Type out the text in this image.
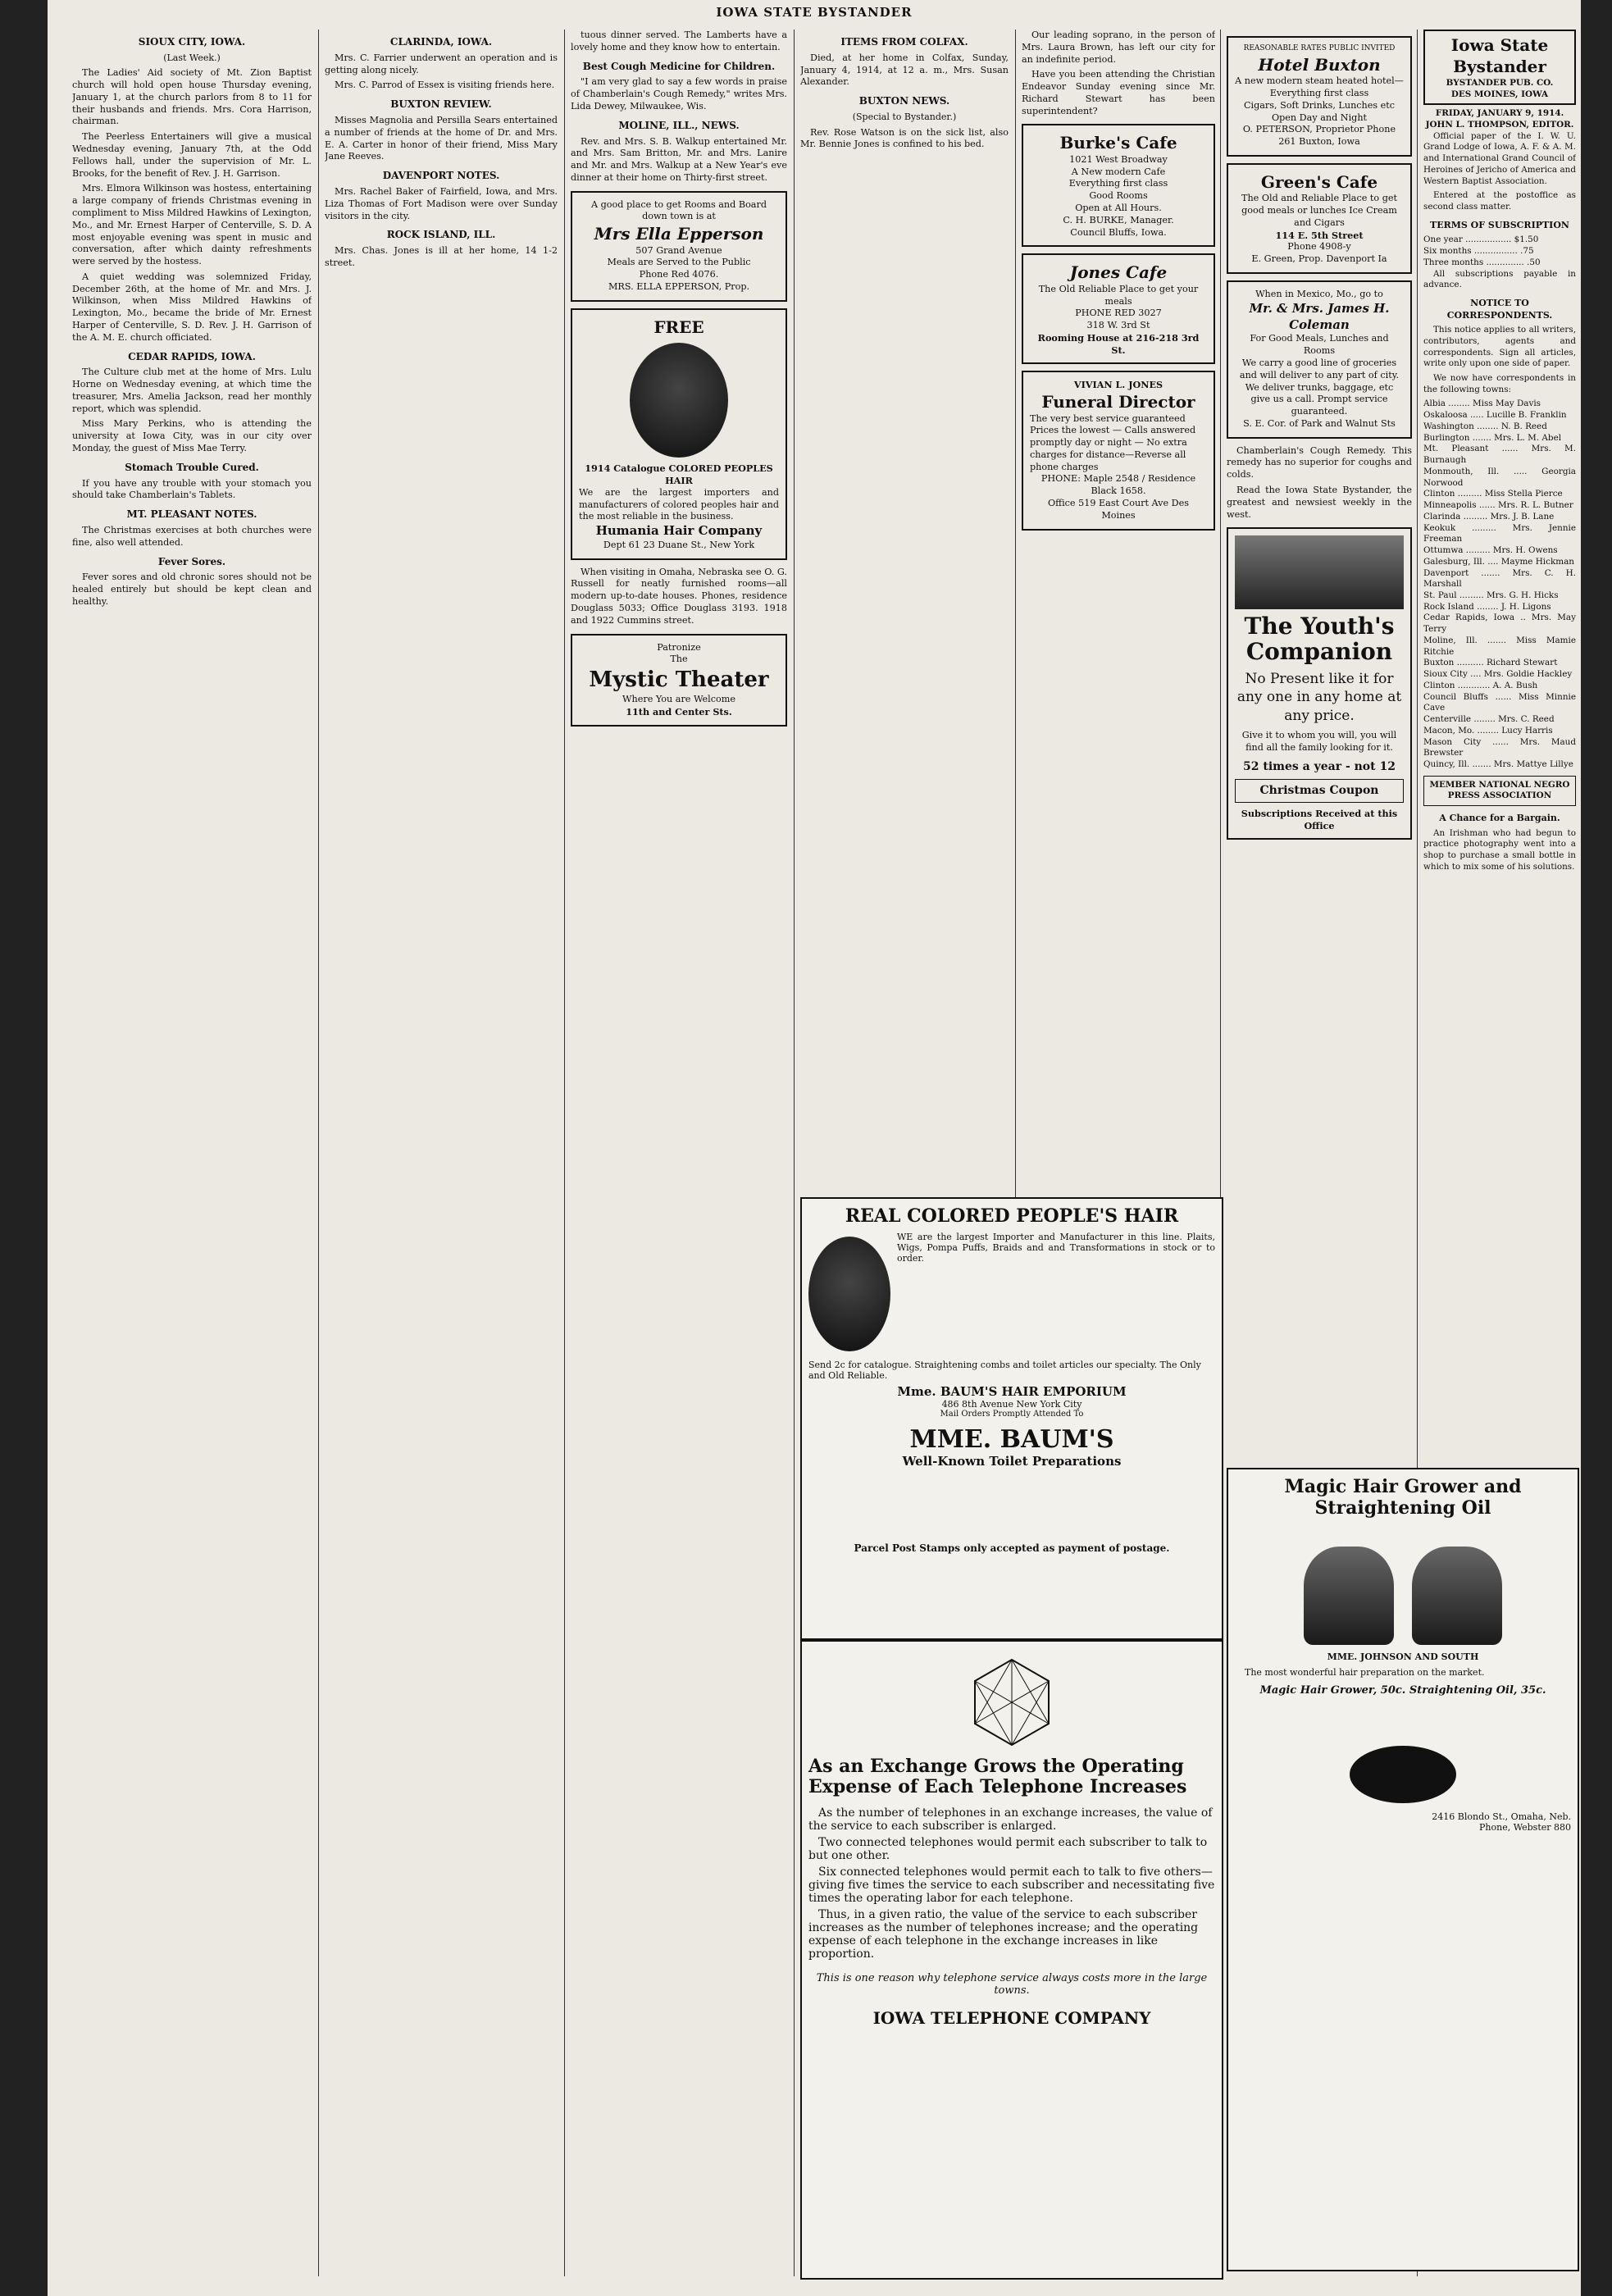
IOWA STATE BYSTANDER
SIOUX CITY, IOWA.
(Last Week.)

The Ladies' Aid society of Mt. Zion Baptist church will hold open house Thursday evening, January 1, at the church parlors from 8 to 11 for their husbands and friends. Mrs. Cora Harrison, chairman.

The Peerless Entertainers will give a musical Wednesday evening, January 7th, at the Odd Fellows hall, under the supervision of Mr. L. Brooks, for the benefit of Rev. J. H. Garrison.

Mrs. Elmora Wilkinson was hostess, entertaining a large company of friends Christmas evening in compliment to Miss Mildred Hawkins of Lexington, Mo., and Mr. Ernest Harper of Centerville, S. D. A most enjoyable evening was spent in music and conversation, after which dainty refreshments were served by the hostess.

A quiet wedding was solemnized Friday, December 26th, at the home of Mr. and Mrs. J. Wilkinson, when Miss Mildred Hawkins of Lexington, Mo., became the bride of Mr. Ernest Harper of Centerville, S. D. Rev. J. H. Garrison of the A. M. E. church officiated.

CEDAR RAPIDS, IOWA.

The Culture club met at the home of Mrs. Lulu Horne on Wednesday evening, at which time the treasurer, Mrs. Amelia Jackson, read her monthly report, which was splendid.

Miss Mary Perkins, who is attending the university at Iowa City, was in our city over Monday, the guest of Miss Mae Terry.

Stomach Trouble Cured.

If you have any trouble with your stomach you should take Chamberlain's Tablets.

MT. PLEASANT NOTES.

The Christmas exercises at both churches were fine, also well attended.

Fever Sores.

Fever sores and old chronic sores should not be healed entirely but should be kept clean and healthy.

CLARINDA, IOWA.

Mrs. C. Farrier underwent an operation and is getting along nicely.

Mrs. C. Parrod of Essex is visiting friends here.

BUXTON REVIEW.

Misses Magnolia and Persilla Sears entertained a number of friends at the home of Dr. and Mrs. E. A. Carter in honor of their friend, Miss Mary Jane Reeves.

DAVENPORT NOTES.

Mrs. Rachel Baker of Fairfield, Iowa, and Mrs. Liza Thomas of Fort Madison were over Sunday visitors in the city.

ROCK ISLAND, ILL.

Mrs. Chas. Jones is ill at her home, 14 1-2 street.

tuous dinner served. The Lamberts have a lovely home and they know how to entertain.

Best Cough Medicine for Children.

"I am very glad to say a few words in praise of Chamberlain's Cough Remedy," writes Mrs. Lida Dewey, Milwaukee, Wis.

MOLINE, ILL., NEWS.

Rev. and Mrs. S. B. Walkup entertained Mr. and Mrs. Sam Britton, Mr. and Mrs. Lanire and Mr. and Mrs. Walkup at a New Year's eve dinner at their home on Thirty-first street.

A good place to get Rooms and Board down town is at
Mrs Ella Epperson
507 Grand Avenue
Meals are Served to the Public
Phone Red 4076.
MRS. ELLA EPPERSON, Prop.
FREE
1914 Catalogue COLORED PEOPLES HAIR
We are the largest importers and manufacturers of colored peoples hair and the most reliable in the business.
Humania Hair Company
Dept 61 23 Duane St., New York

When visiting in Omaha, Nebraska see O. G. Russell for neatly furnished rooms—all modern up-to-date houses. Phones, residence Douglass 5033; Office Douglass 3193. 1918 and 1922 Cummins street.

Patronize
The
Mystic Theater
Where You are Welcome
11th and Center Sts.
ITEMS FROM COLFAX.

Died, at her home in Colfax, Sunday, January 4, 1914, at 12 a. m., Mrs. Susan Alexander.

BUXTON NEWS.
(Special to Bystander.)

Rev. Rose Watson is on the sick list, also Mr. Bennie Jones is confined to his bed.

REAL COLORED PEOPLE'S HAIR
WE are the largest Importer and Manufacturer in this line. Plaits, Wigs, Pompa Puffs, Braids and and Transformations in stock or to order.
Send 2c for catalogue. Straightening combs and toilet articles our specialty. The Only and Old Reliable.
Mme. BAUM'S HAIR EMPORIUM
486 8th Avenue New York City
Mail Orders Promptly Attended To
MME. BAUM'S
Well-Known Toilet Preparations
Parcel Post Stamps only accepted as payment of postage.
As an Exchange Grows the Operating Expense of Each Telephone Increases

As the number of telephones in an exchange increases, the value of the service to each subscriber is enlarged.

Two connected telephones would permit each subscriber to talk to but one other.

Six connected telephones would permit each to talk to five others—giving five times the service to each subscriber and necessitating five times the operating labor for each telephone.

Thus, in a given ratio, the value of the service to each subscriber increases as the number of telephones increase; and the operating expense of each telephone in the exchange increases in like proportion.

This is one reason why telephone service always costs more in the large towns.
IOWA TELEPHONE COMPANY

Our leading soprano, in the person of Mrs. Laura Brown, has left our city for an indefinite period.

Have you been attending the Christian Endeavor Sunday evening since Mr. Richard Stewart has been superintendent?

Burke's Cafe
1021 West Broadway
A New modern Cafe
Everything first class
Good Rooms
Open at All Hours.
C. H. BURKE, Manager.
Council Bluffs, Iowa.
Jones Cafe
The Old Reliable Place to get your meals
PHONE RED 3027
318 W. 3rd St
Rooming House at 216-218 3rd St.
VIVIAN L. JONES
Funeral Director
The very best service guaranteed Prices the lowest — Calls answered promptly day or night — No extra charges for distance—Reverse all phone charges
PHONE: Maple 2548 / Residence Black 1658.
Office 519 East Court Ave Des Moines
REASONABLE RATES PUBLIC INVITED
Hotel Buxton
A new modern steam heated hotel—Everything first class
Cigars, Soft Drinks, Lunches etc
Open Day and Night
O. PETERSON, Proprietor Phone 261 Buxton, Iowa
Green's Cafe
The Old and Reliable Place to get good meals or lunches Ice Cream and Cigars
114 E. 5th Street
Phone 4908-y
E. Green, Prop. Davenport Ia
When in Mexico, Mo., go to
Mr. & Mrs. James H. Coleman
For Good Meals, Lunches and Rooms
We carry a good line of groceries and will deliver to any part of city. We deliver trunks, baggage, etc give us a call. Prompt service guaranteed.
S. E. Cor. of Park and Walnut Sts

Chamberlain's Cough Remedy. This remedy has no superior for coughs and colds.

Read the Iowa State Bystander, the greatest and newsiest weekly in the west.

The Youth's Companion
No Present like it for any one in any home at any price.
Give it to whom you will, you will find all the family looking for it.
52 times a year - not 12
Christmas Coupon
Subscriptions Received at this Office
Iowa State Bystander
BYSTANDER PUB. CO.
DES MOINES, IOWA
FRIDAY, JANUARY 9, 1914.
JOHN L. THOMPSON, EDITOR.

Official paper of the I. W. U. Grand Lodge of Iowa, A. F. & A. M. and International Grand Council of Heroines of Jericho of America and Western Baptist Association.

Entered at the postoffice as second class matter.

TERMS OF SUBSCRIPTION
One year ................. $1.50
Six months ................ .75
Three months .............. .50

All subscriptions payable in advance.

NOTICE TO CORRESPONDENTS.

This notice applies to all writers, contributors, agents and correspondents. Sign all articles, write only upon one side of paper.

We now have correspondents in the following towns:

Albia ........ Miss May Davis
Oskaloosa ..... Lucille B. Franklin
Washington ........ N. B. Reed
Burlington ....... Mrs. L. M. Abel
Mt. Pleasant ...... Mrs. M. Burnaugh
Monmouth, Ill. ..... Georgia Norwood
Clinton ......... Miss Stella Pierce
Minneapolis ...... Mrs. R. L. Butner
Clarinda ......... Mrs. J. B. Lane
Keokuk ......... Mrs. Jennie Freeman
Ottumwa ......... Mrs. H. Owens
Galesburg, Ill. .... Mayme Hickman
Davenport ....... Mrs. C. H. Marshall
St. Paul ......... Mrs. G. H. Hicks
Rock Island ........ J. H. Ligons
Cedar Rapids, Iowa .. Mrs. May Terry
Moline, Ill. ....... Miss Mamie Ritchie
Buxton .......... Richard Stewart
Sioux City .... Mrs. Goldie Hackley
Clinton ............ A. A. Bush
Council Bluffs ...... Miss Minnie Cave
Centerville ........ Mrs. C. Reed
Macon, Mo. ........ Lucy Harris
Mason City ...... Mrs. Maud Brewster
Quincy, Ill. ....... Mrs. Mattye Lillye
MEMBER NATIONAL NEGRO PRESS ASSOCIATION
A Chance for a Bargain.

An Irishman who had begun to practice photography went into a shop to purchase a small bottle in which to mix some of his solutions.

Magic Hair Grower and Straightening Oil

MME. JOHNSON AND SOUTH

The most wonderful hair preparation on the market.

Magic Hair Grower, 50c. Straightening Oil, 35c.
2416 Blondo St., Omaha, Neb.
Phone, Webster 880
